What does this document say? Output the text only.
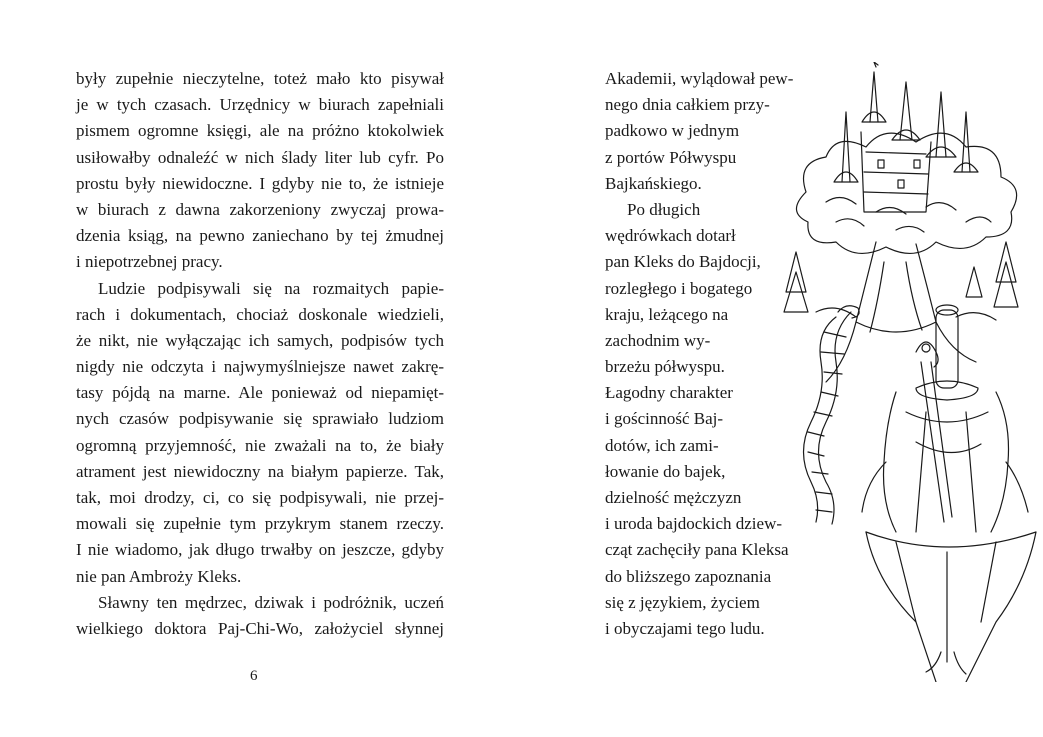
były zupełnie nieczytelne, toteż mało kto pisywał
je w tych czasach. Urzędnicy w biurach zapełniali
pismem ogromne księgi, ale na próżno ktokolwiek
usiłowałby odnaleźć w nich ślady liter lub cyfr. Po
prostu były niewidoczne. I gdyby nie to, że istnieje
w biurach z dawna zakorzeniony zwyczaj prowa-
dzenia ksiąg, na pewno zaniechano by tej żmudnej
i niepotrzebnej pracy.
Ludzie podpisywali się na rozmaitych papie-
rach i dokumentach, chociaż doskonale wiedzieli,
że nikt, nie wyłączając ich samych, podpisów tych
nigdy nie odczyta i najwymyślniejsze nawet zakrę-
tasy pójdą na marne. Ale ponieważ od niepamięt-
nych czasów podpisywanie się sprawiało ludziom
ogromną przyjemność, nie zważali na to, że biały
atrament jest niewidoczny na białym papierze. Tak,
tak, moi drodzy, ci, co się podpisywali, nie przej-
mowali się zupełnie tym przykrym stanem rzeczy.
I nie wiadomo, jak długo trwałby on jeszcze, gdyby
nie pan Ambroży Kleks.
Sławny ten mędrzec, dziwak i podróżnik, uczeń
wielkiego doktora Paj-Chi-Wo, założyciel słynnej
6
Akademii, wylądował pew-
nego dnia całkiem przy-
padkowo w jednym
z portów Półwyspu
Bajkańskiego.
Po długich
wędrówkach dotarł
pan Kleks do Bajdocji,
rozległego i bogatego
kraju, leżącego na
zachodnim wy-
brzeżu półwyspu.
Łagodny charakter
i gościnność Baj-
dotów, ich zami-
łowanie do bajek,
dzielność mężczyzn
i uroda bajdockich dziew-
cząt zachęciły pana Kleksa
do bliższego zapoznania
się z językiem, życiem
i obyczajami tego ludu.
